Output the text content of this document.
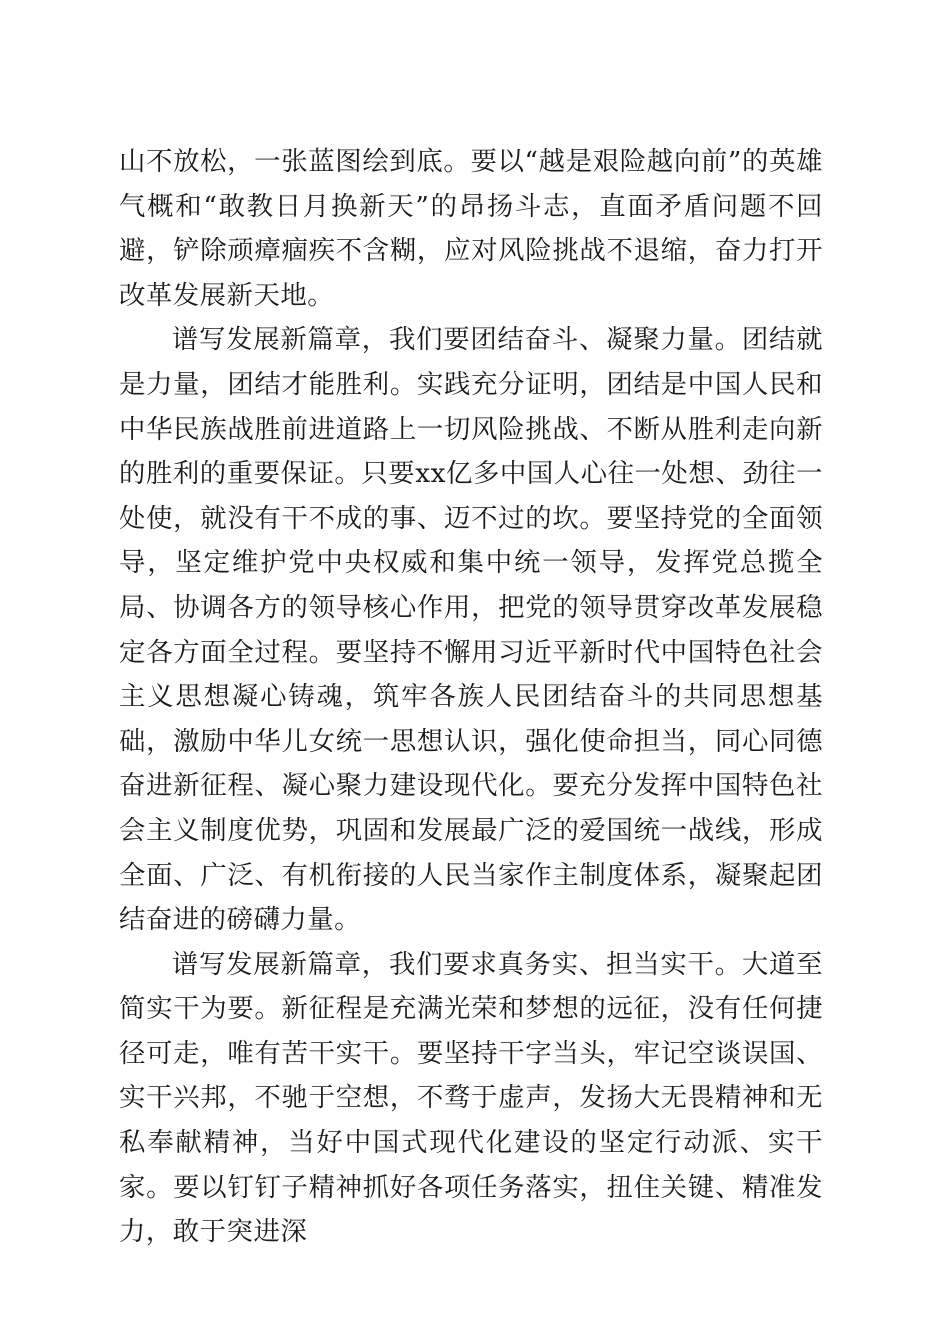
山不放松，一张蓝图绘到底。要以“越是艰险越向前”的英雄气概和“敢教日月换新天”的昂扬斗志，直面矛盾问题不回避，铲除顽瘴痼疾不含糊，应对风险挑战不退缩，奋力打开改革发展新天地。

谱写发展新篇章，我们要团结奋斗、凝聚力量。团结就是力量，团结才能胜利。实践充分证明，团结是中国人民和中华民族战胜前进道路上一切风险挑战、不断从胜利走向新的胜利的重要保证。只要xx亿多中国人心往一处想、劲往一处使，就没有干不成的事、迈不过的坎。要坚持党的全面领导，坚定维护党中央权威和集中统一领导，发挥党总揽全局、协调各方的领导核心作用，把党的领导贯穿改革发展稳定各方面全过程。要坚持不懈用习近平新时代中国特色社会主义思想凝心铸魂，筑牢各族人民团结奋斗的共同思想基础，激励中华儿女统一思想认识，强化使命担当，同心同德奋进新征程、凝心聚力建设现代化。要充分发挥中国特色社会主义制度优势，巩固和发展最广泛的爱国统一战线，形成全面、广泛、有机衔接的人民当家作主制度体系，凝聚起团结奋进的磅礴力量。

谱写发展新篇章，我们要求真务实、担当实干。大道至简实干为要。新征程是充满光荣和梦想的远征，没有任何捷径可走，唯有苦干实干。要坚持干字当头，牢记空谈误国、实干兴邦，不驰于空想，不骛于虚声，发扬大无畏精神和无私奉献精神，当好中国式现代化建设的坚定行动派、实干家。要以钉钉子精神抓好各项任务落实，扭住关键、精准发力，敢于突进深
